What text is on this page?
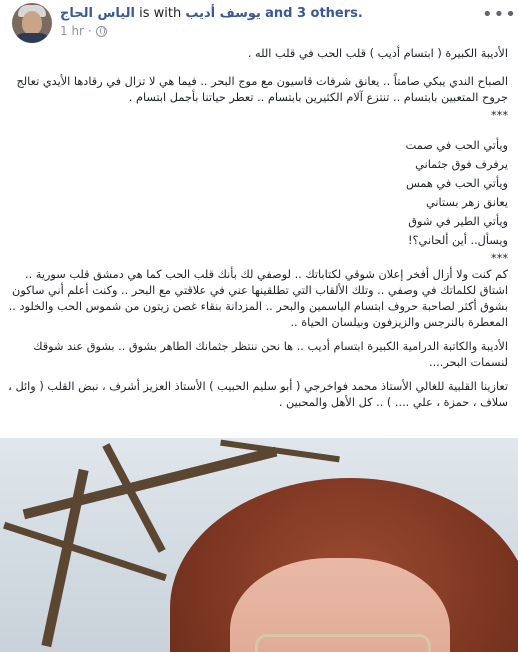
الياس الحاج is with يوسف أديب and 3 others.
1 hr ·
•••

الأديبة الكبيرة ( ابتسام أديب ) قلب الحب في قلب الله .

الصباح الندي يبكي صامتاً .. يعانق شرفات قاسيون مع موج البحر .. فيما هي لا تزال في رقادها الأيدي تعالج جروح المتعبين بابتسام .. تنتزع آلام الكثيرين بابتسام .. تعطر حياتنا بأجمل ابتسام .

***

ويأتي الحب في صمت

يرفرف فوق جثماني

ويأتي الحب في همس

يعانق زهر بستاني

ويأتي الطير في شوق

ويسأل.. أين ألحاني؟!

***

كم كنت ولا أزال أفخر إعلان شوقي لكتاباتك .. لوصفي لك بأنك قلب الحب كما هي دمشق قلب سورية .. اشتاق لكلماتك في وصفي .. وتلك الألقاب التي تطلقينها عني في علاقتي مع البحر .. وكنت أعلم أني ساكون بشوق أكثر لصاحبة حروف ابتسام الياسمين والبحر .. المزدانة بنقاء غصن زيتون من شموس الحب والخلود .. المعطرة بالنرجس والزيزفون وبيلسان الحياة ..

الأديبة والكاتبة الدرامية الكبيرة ابتسام أديب .. ها نحن ننتظر جثمانك الطاهر بشوق .. بشوق عند شوقك لنسمات البحر....

تعازينا القلبية للغالي الأستاذ محمد فواخرجي ( أبو سليم الحبيب ) الأستاذ العزيز أشرف ، نبض القلب ( وائل ، سلاف ، حمزة ، علي .... ) .. كل الأهل والمحبين .
